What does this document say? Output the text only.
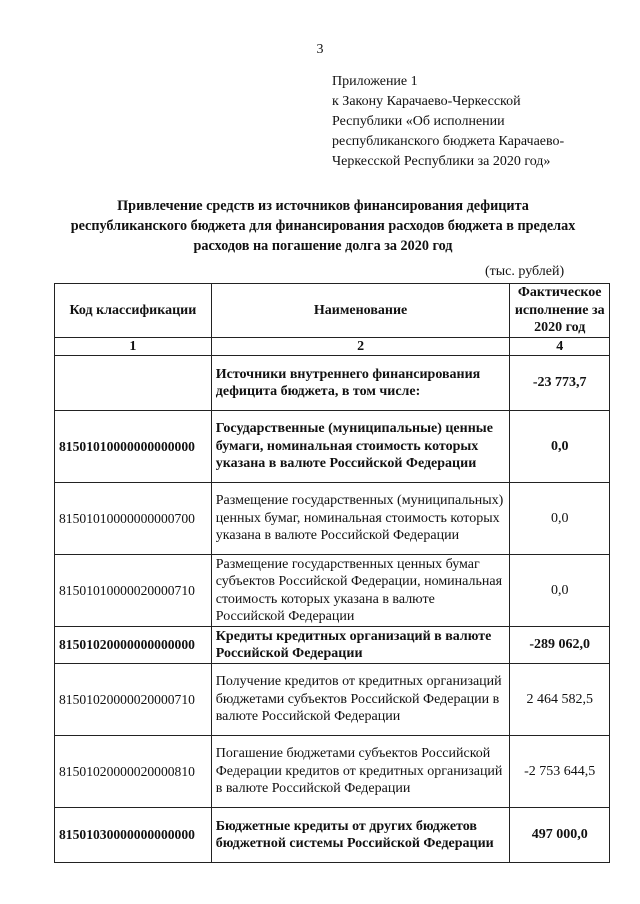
3
Приложение 1
к Закону Карачаево-Черкесской
Республики «Об исполнении
республиканского бюджета Карачаево-
Черкесской Республики за 2020 год»
Привлечение средств из источников финансирования дефицита
республиканского бюджета для финансирования расходов бюджета в пределах
расходов на погашение долга за 2020 год
(тыс. рублей)
Код классификации	Наименование	Фактическое исполнение за 2020 год
1	2	4
	Источники внутреннего финансирования дефицита бюджета, в том числе:	-23 773,7
81501010000000000000	Государственные (муниципальные) ценные бумаги, номинальная стоимость которых указана в валюте Российской Федерации	0,0
81501010000000000700	Размещение государственных (муниципальных) ценных бумаг, номинальная стоимость которых указана в валюте Российской Федерации	0,0
81501010000020000710	Размещение государственных ценных бумаг субъектов Российской Федерации, номинальная стоимость которых указана в валюте Российской Федерации	0,0
81501020000000000000	Кредиты кредитных организаций в валюте Российской Федерации	-289 062,0
81501020000020000710	Получение кредитов от кредитных организаций бюджетами субъектов Российской Федерации в валюте Российской Федерации	2 464 582,5
81501020000020000810	Погашение бюджетами субъектов Российской Федерации кредитов от кредитных организаций в валюте Российской Федерации	-2 753 644,5
81501030000000000000	Бюджетные кредиты от других бюджетов бюджетной системы Российской Федерации	497 000,0
